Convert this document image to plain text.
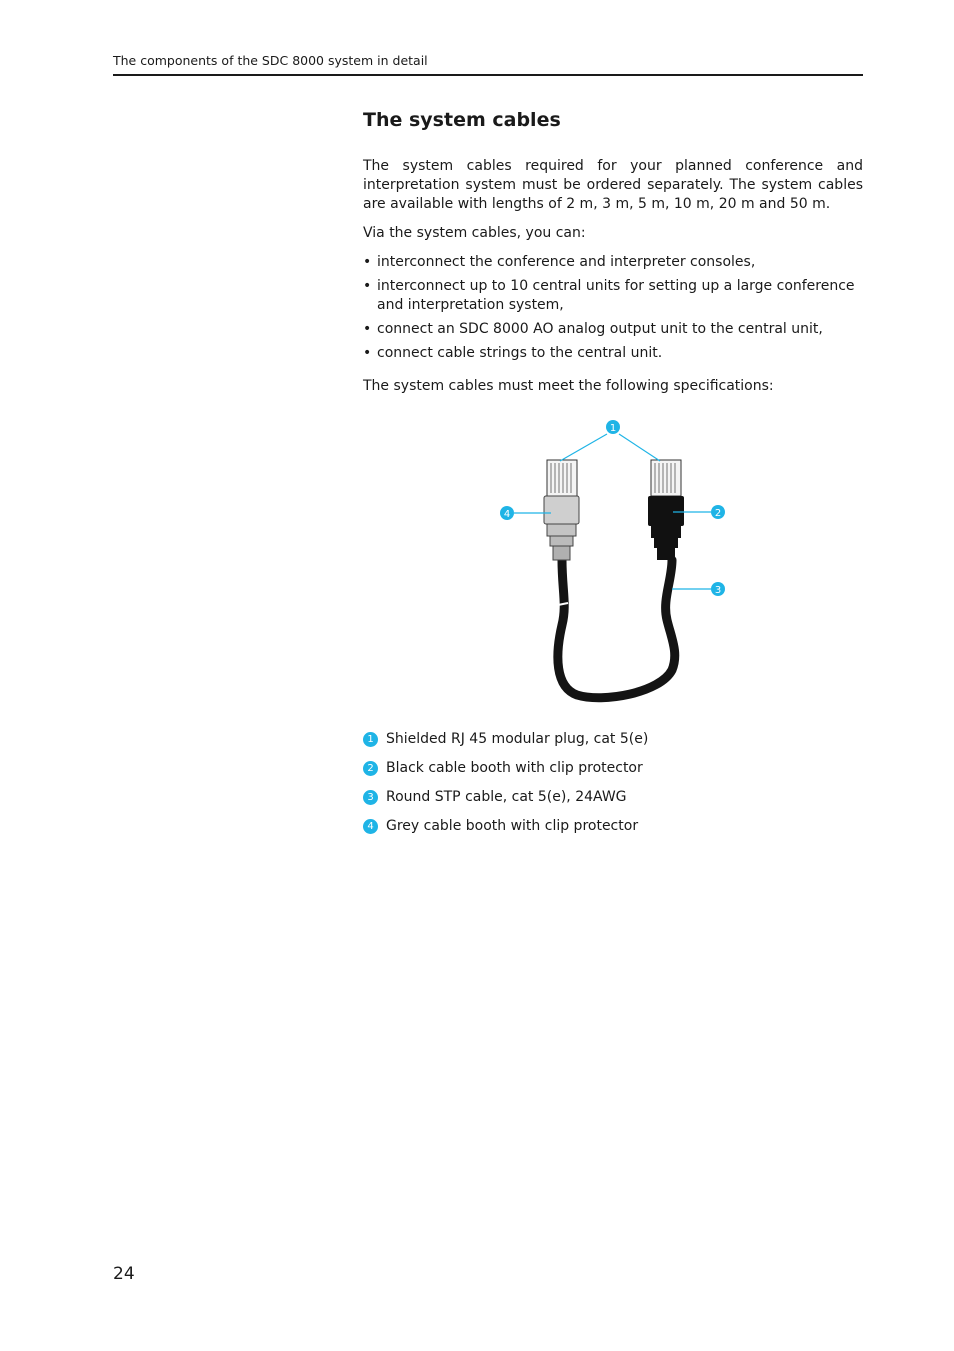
The components of the SDC 8000 system in detail
The system cables

The system cables required for your planned conference and interpretation system must be ordered separately. The system cables are available with lengths of 2 m, 3 m, 5 m, 10 m, 20 m and 50 m.

Via the system cables, you can:

• interconnect the conference and interpreter consoles,
• interconnect up to 10 central units for setting up a large conference and interpretation system,
• connect an SDC 8000 AO analog output unit to the central unit,
• connect cable strings to the central unit.

The system cables must meet the following specifications:

1
2
3
4
1 Shielded RJ 45 modular plug, cat 5(e)
2 Black cable booth with clip protector
3 Round STP cable, cat 5(e), 24AWG
4 Grey cable booth with clip protector
24
